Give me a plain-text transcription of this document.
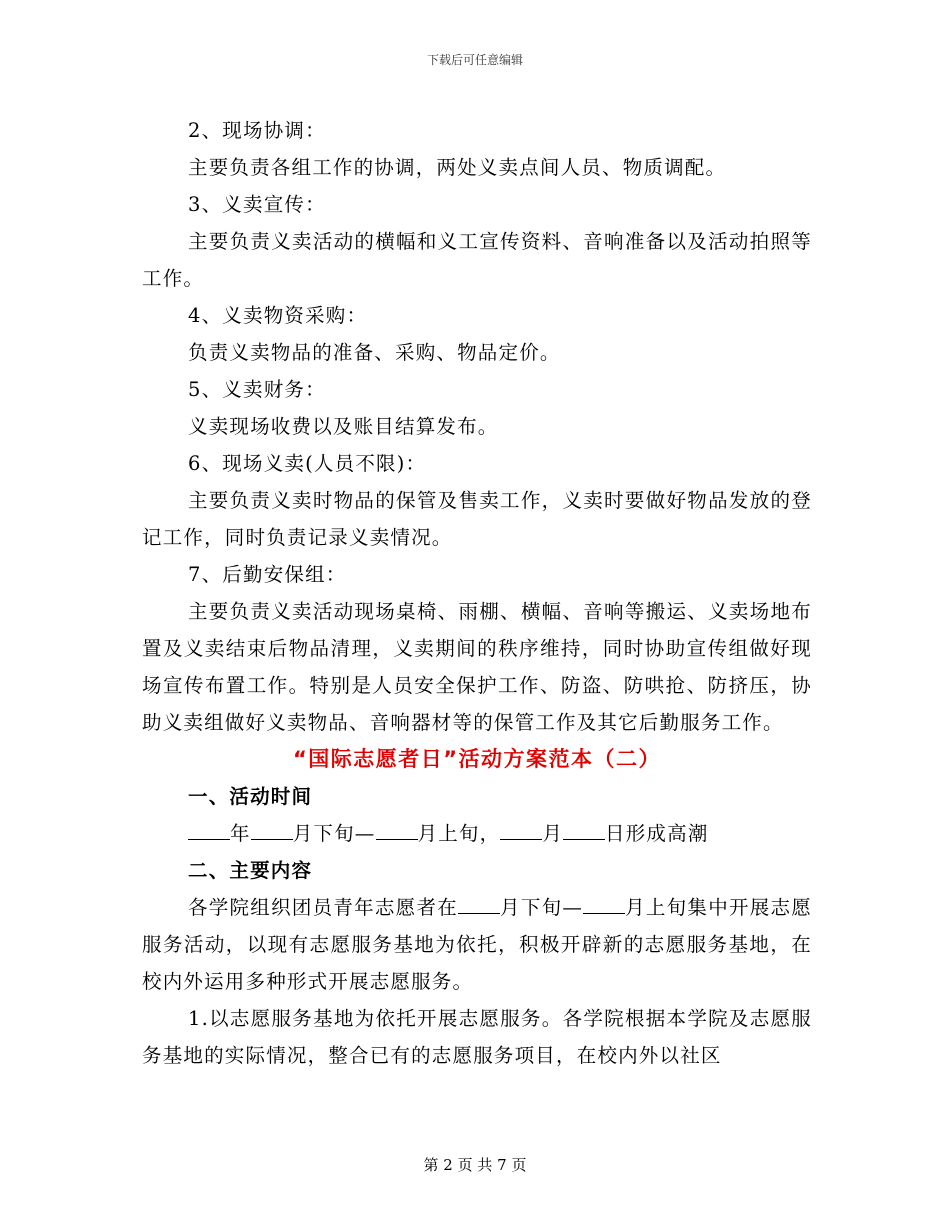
下载后可任意编辑

2、现场协调：

主要负责各组工作的协调，两处义卖点间人员、物质调配。

3、义卖宣传：

主要负责义卖活动的横幅和义工宣传资料、音响准备以及活动拍照等工作。

4、义卖物资采购：

负责义卖物品的准备、采购、物品定价。

5、义卖财务：

义卖现场收费以及账目结算发布。

6、现场义卖(人员不限)：

主要负责义卖时物品的保管及售卖工作，义卖时要做好物品发放的登记工作，同时负责记录义卖情况。

7、后勤安保组：

主要负责义卖活动现场桌椅、雨棚、横幅、音响等搬运、义卖场地布置及义卖结束后物品清理，义卖期间的秩序维持，同时协助宣传组做好现场宣传布置工作。特别是人员安全保护工作、防盗、防哄抢、防挤压，协助义卖组做好义卖物品、音响器材等的保管工作及其它后勤服务工作。

“国际志愿者日”活动方案范本（二）

一、活动时间

年 月下旬— 月上旬， 月 日形成高潮

二、主要内容

各学院组织团员青年志愿者在 月下旬— 月上旬集中开展志愿服务活动，以现有志愿服务基地为依托，积极开辟新的志愿服务基地，在校内外运用多种形式开展志愿服务。

1.以志愿服务基地为依托开展志愿服务。各学院根据本学院及志愿服务基地的实际情况，整合已有的志愿服务项目，在校内外以社区

第 2 页 共 7 页
